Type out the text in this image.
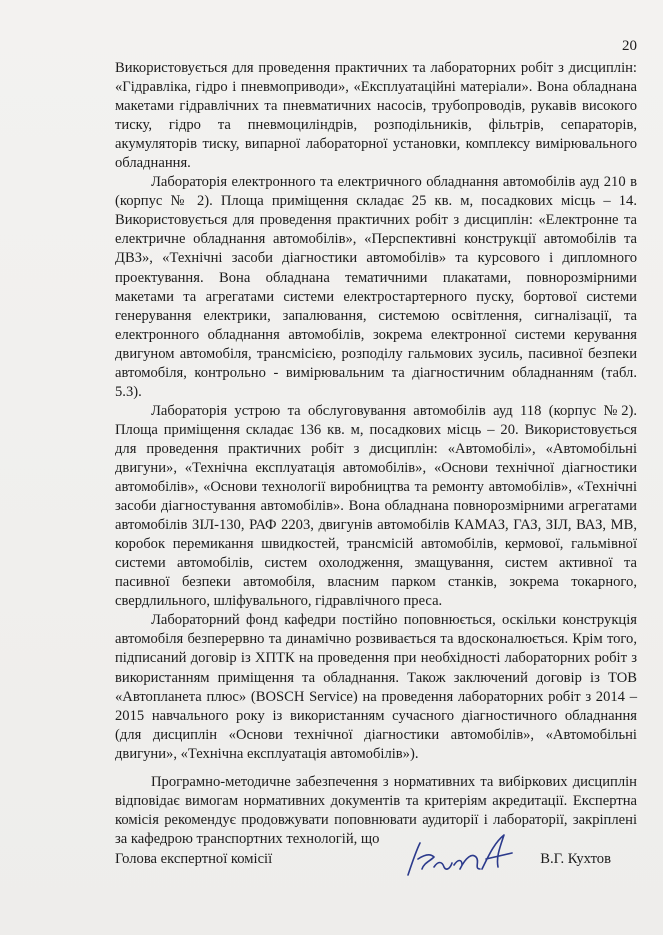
20

Використовується для проведення практичних та лабораторних робіт з дисциплін: «Гідравліка, гідро і пневмоприводи», «Експлуатаційні матеріали». Вона обладнана макетами гідравлічних та пневматичних насосів, трубопроводів, рукавів високого тиску, гідро та пневмоциліндрів, розподільників, фільтрів, сепараторів, акумуляторів тиску, випарної лабораторної установки, комплексу вимірювального обладнання.

Лабораторія електронного та електричного обладнання автомобілів ауд 210 в (корпус № 2). Площа приміщення складає 25 кв. м, посадкових місць – 14. Використовується для проведення практичних робіт з дисциплін: «Електронне та електричне обладнання автомобілів», «Перспективні конструкції автомобілів та ДВЗ», «Технічні засоби діагностики автомобілів» та курсового і дипломного проектування. Вона обладнана тематичними плакатами, повнорозмірними макетами та агрегатами системи електростартерного пуску, бортової системи генерування електрики, запалювання, системою освітлення, сигналізації, та електронного обладнання автомобілів, зокрема електронної системи керування двигуном автомобіля, трансмісією, розподілу гальмових зусиль, пасивної безпеки автомобіля, контрольно - вимірювальним та діагностичним обладнанням (табл. 5.3).

Лабораторія устрою та обслуговування автомобілів ауд 118 (корпус №2). Площа приміщення складає 136 кв. м, посадкових місць – 20. Використовується для проведення практичних робіт з дисциплін: «Автомобілі», «Автомобільні двигуни», «Технічна експлуатація автомобілів», «Основи технічної діагностики автомобілів», «Основи технології виробництва та ремонту автомобілів», «Технічні засоби діагностування автомобілів». Вона обладнана повнорозмірними агрегатами автомобілів ЗІЛ-130, РАФ 2203, двигунів автомобілів КАМАЗ, ГАЗ, ЗІЛ, ВАЗ, МВ, коробок перемикання швидкостей, трансмісій автомобілів, кермової, гальмівної системи автомобілів, систем охолодження, змащування, систем активної та пасивної безпеки автомобіля, власним парком станків, зокрема токарного, свердлильного, шліфувального, гідравлічного преса.

Лабораторний фонд кафедри постійно поповнюється, оскільки конструкція автомобіля безперервно та динамічно розвивається та вдосконалюється. Крім того, підписаний договір із ХПТК на проведення при необхідності лабораторних робіт з використанням приміщення та обладнання. Також заключений договір із ТОВ «Автопланета плюс» (BOSCH Service) на проведення лабораторних робіт з 2014 – 2015 навчального року із використанням сучасного діагностичного обладнання (для дисциплін «Основи технічної діагностики автомобілів», «Автомобільні двигуни», «Технічна експлуатація автомобілів»).

Програмно-методичне забезпечення з нормативних та вибіркових дисциплін відповідає вимогам нормативних документів та критеріям акредитації. Експертна комісія рекомендує продовжувати поповнювати аудиторії і лабораторії, закріплені за кафедрою транспортних технологій, що

Голова експертної комісії	В.Г. Кухтов
